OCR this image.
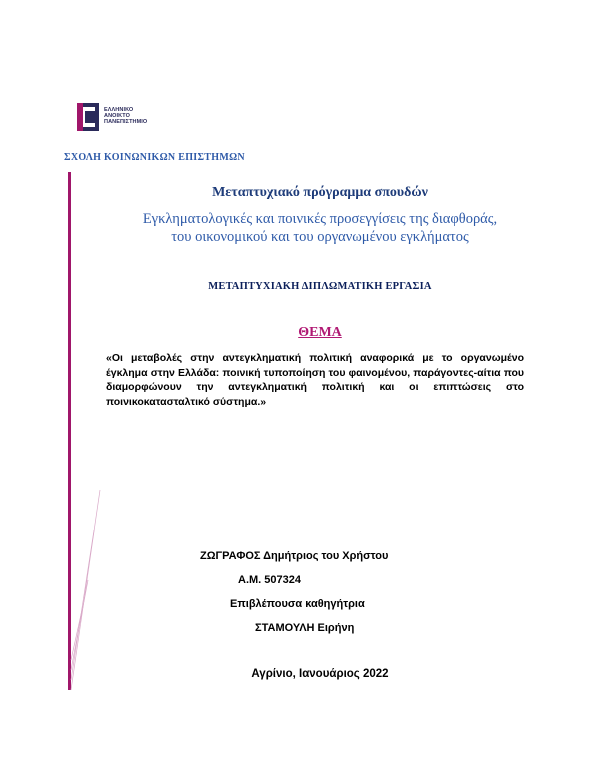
ΕΛΛΗΝΙΚΟ
ΑΝΟΙΚΤΟ
ΠΑΝΕΠΙΣΤΗΜΙΟ
ΣΧΟΛΗ ΚΟΙΝΩΝΙΚΩΝ ΕΠΙΣΤΗΜΩΝ
Μεταπτυχιακό πρόγραμμα σπουδών
Εγκληματολογικές και ποινικές προσεγγίσεις της διαφθοράς,
του οικονομικού και του οργανωμένου εγκλήματος
ΜΕΤΑΠΤΥΧΙΑΚΗ ΔΙΠΛΩΜΑΤΙΚΗ ΕΡΓΑΣΙΑ
ΘΕΜΑ
«Οι μεταβολές στην αντεγκληματική πολιτική αναφορικά με το οργανωμένο έγκλημα στην Ελλάδα: ποινική τυποποίηση του φαινομένου, παράγοντες-αίτια που διαμορφώνουν την αντεγκληματική πολιτική και οι επιπτώσεις στο ποινικοκατασταλτικό σύστημα.»
ΖΩΓΡΑΦΟΣ Δημήτριος του Χρήστου
Α.Μ. 507324
Επιβλέπουσα καθηγήτρια
ΣΤΑΜΟΥΛΗ Ειρήνη
Αγρίνιο, Ιανουάριος 2022
